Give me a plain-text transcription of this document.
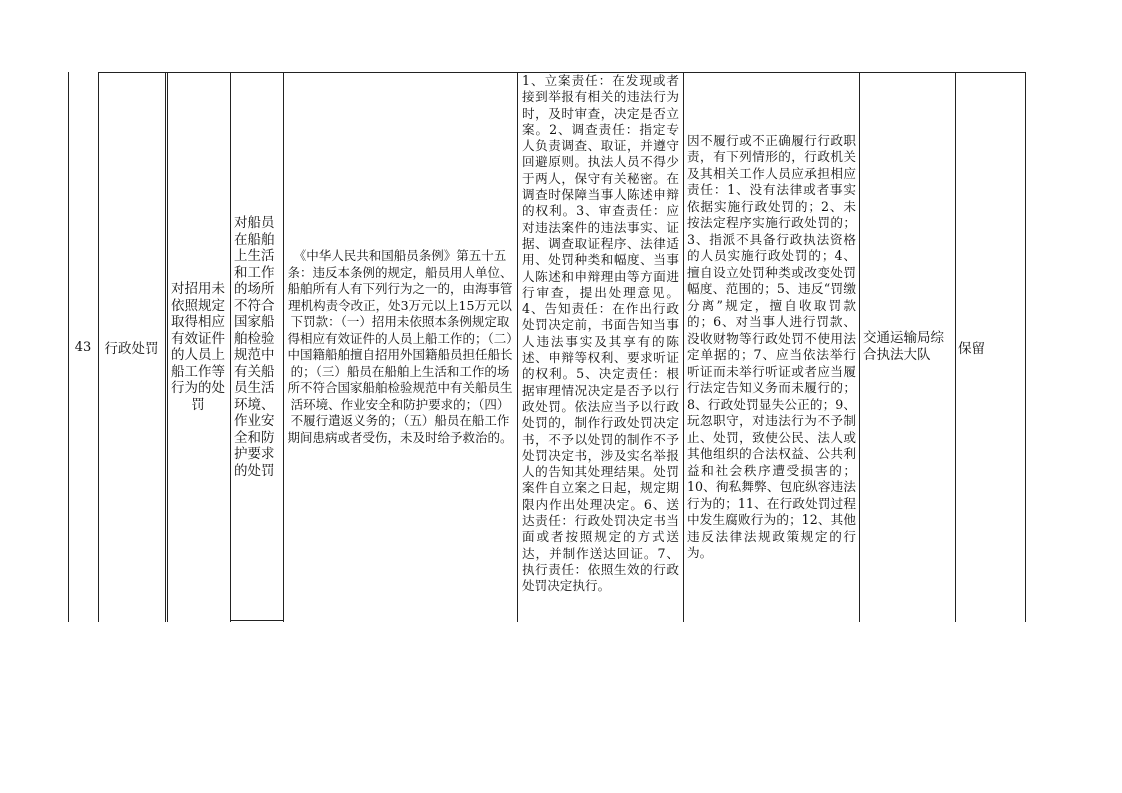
43 行政处罚
对招用未依照规定取得相应有效证件的人员上船工作等行为的处罚
对船员在船舶上生活和工作的场所不符合国家船舶检验规范中有关船员生活环境、作业安全和防护要求的处罚
《中华人民共和国船员条例》第五十五条：违反本条例的规定，船员用人单位、船舶所有人有下列行为之一的，由海事管理机构责令改正，处3万元以上15万元以下罚款：（一）招用未依照本条例规定取得相应有效证件的人员上船工作的；（二）中国籍船舶擅自招用外国籍船员担任船长的；（三）船员在船舶上生活和工作的场所不符合国家船舶检验规范中有关船员生活环境、作业安全和防护要求的；（四）不履行遣返义务的；（五）船员在船工作期间患病或者受伤，未及时给予救治的。
1、立案责任：在发现或者接到举报有相关的违法行为时，及时审查，决定是否立案。2、调查责任：指定专人负责调查、取证，并遵守回避原则。执法人员不得少于两人，保守有关秘密。在调查时保障当事人陈述申辩的权利。3、审查责任：应对违法案件的违法事实、证据、调查取证程序、法律适用、处罚种类和幅度、当事人陈述和申辩理由等方面进行审查，提出处理意见。4、告知责任：在作出行政处罚决定前，书面告知当事人违法事实及其享有的陈述、申辩等权利、要求听证的权利。5、决定责任：根据审理情况决定是否予以行政处罚。依法应当予以行政处罚的，制作行政处罚决定书，不予以处罚的制作不予处罚决定书，涉及实名举报人的告知其处理结果。处罚案件自立案之日起，规定期限内作出处理决定。6、送达责任：行政处罚决定书当面或者按照规定的方式送达，并制作送达回证。7、执行责任：依照生效的行政处罚决定执行。
因不履行或不正确履行行政职责，有下列情形的，行政机关及其相关工作人员应承担相应责任：1、没有法律或者事实依据实施行政处罚的；2、未按法定程序实施行政处罚的；3、指派不具备行政执法资格的人员实施行政处罚的；4、擅自设立处罚种类或改变处罚幅度、范围的；5、违反“罚缴分离”规定，擅自收取罚款的；6、对当事人进行罚款、没收财物等行政处罚不使用法定单据的；7、应当依法举行听证而未举行听证或者应当履行法定告知义务而未履行的；8、行政处罚显失公正的；9、玩忽职守，对违法行为不予制止、处罚，致使公民、法人或其他组织的合法权益、公共利益和社会秩序遭受损害的；10、徇私舞弊、包庇纵容违法行为的；11、在行政处罚过程中发生腐败行为的；12、其他违反法律法规政策规定的行为。
交通运输局综合执法大队	保留
